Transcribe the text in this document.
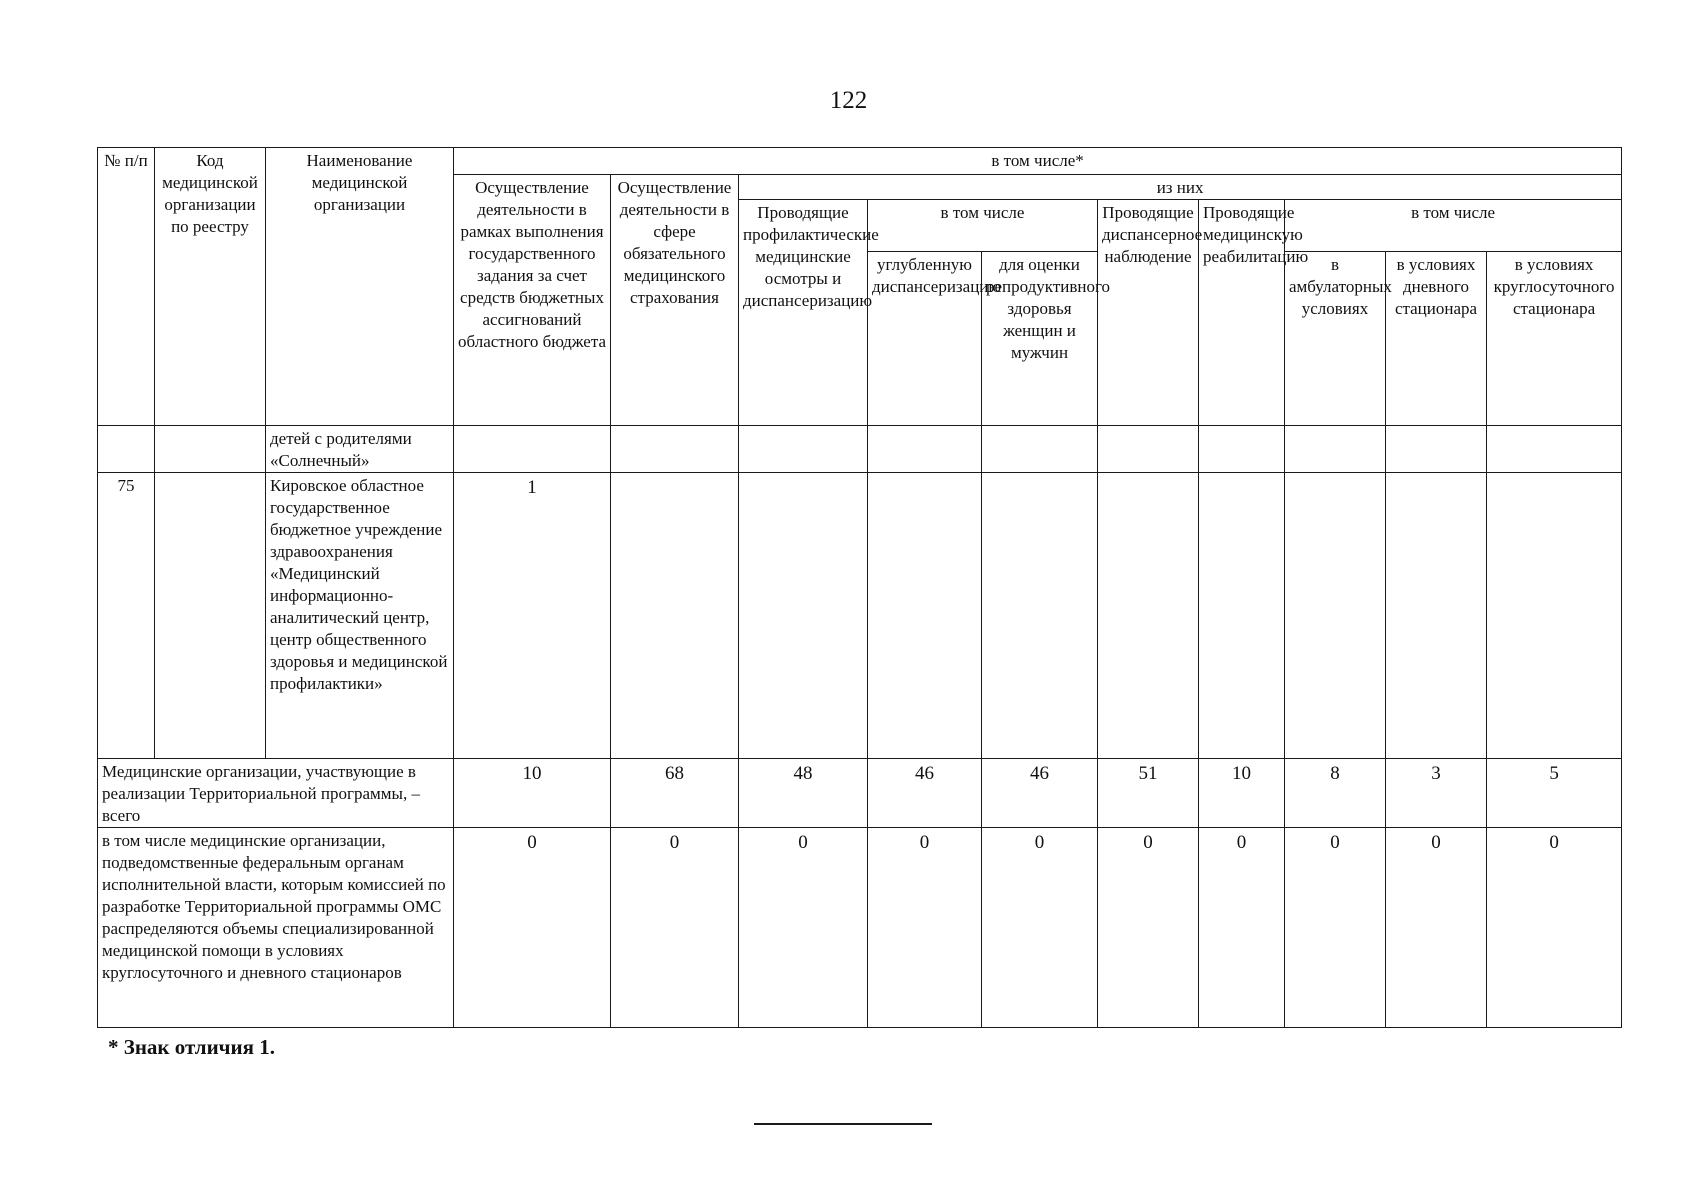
122
№ п/п	Код медицинской организации по реестру	Наименование медицинской организации	в том числе*									
			Осуществление деятельности в рамках выполнения государственного задания за счет средств бюджетных ассигнований областного бюджета	Осуществление деятельности в сфере обязательного медицинского страхования	из них							
					Проводящие профилактические медицинские осмотры и диспансеризацию	в том числе		Проводящие диспансерное наблюдение	Проводящие медицинскую реабилитацию	в том числе		
						углубленную диспансеризацию	для оценки репродуктивного здоровья женщин и мужчин			в амбулаторных условиях	в условиях дневного стационара	в условиях круглосуточного стационара

		детей с родителями «Солнечный»										
75		Кировское областное государственное бюджетное учреждение здравоохранения «Медицинский информационно-аналитический центр, центр общественного здоровья и медицинской профилактики»	1									
Медицинские организации, участвующие в реализации Территориальной программы, – всего			10	68	48	46	46	51	10	8	3	5
в том числе медицинские организации, подведомственные федеральным органам исполнительной власти, которым комиссией по разработке Территориальной программы ОМС распределяются объемы специализированной медицинской помощи в условиях круглосуточного и дневного стационаров			0	0	0	0	0	0	0	0	0	0
* Знак отличия 1.
